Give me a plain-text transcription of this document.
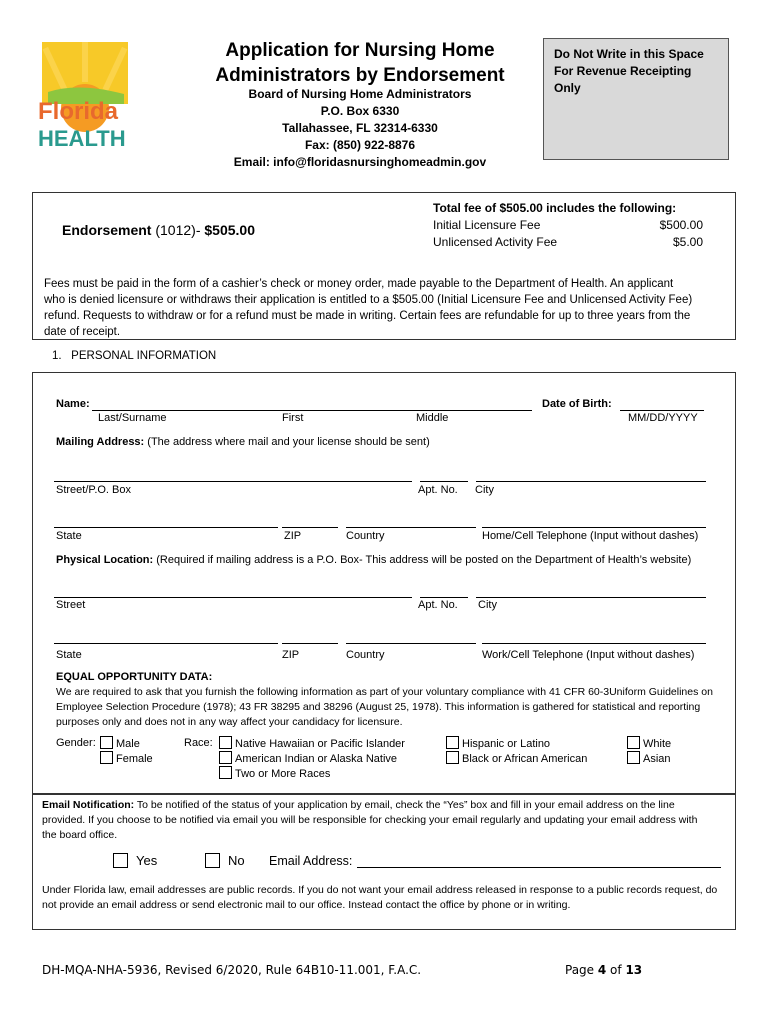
Florida
HEALTH
Application for Nursing Home
Administrators by Endorsement
Board of Nursing Home Administrators
P.O. Box 6330
Tallahassee, FL 32314-6330
Fax: (850) 922-8876
Email: info@floridasnursinghomeadmin.gov
Do Not Write in this Space
For Revenue Receipting Only
Total fee of $505.00 includes the following:
Initial Licensure Fee	$500.00
Unlicensed Activity Fee	$5.00
Endorsement (1012)- $505.00
Fees must be paid in the form of a cashier’s check or money order, made payable to the Department of Health. An applicant who is denied licensure or withdraws their application is entitled to a $505.00 (Initial Licensure Fee and Unlicensed Activity Fee) refund. Requests to withdraw or for a refund must be made in writing. Certain fees are refundable for up to three years from the date of receipt.
1.   PERSONAL INFORMATION
Name:	Date of Birth:
Last/Surname	First	Middle	MM/DD/YYYY
Mailing Address: (The address where mail and your license should be sent)
Street/P.O. Box	Apt. No. City
State	ZIP	Country	Home/Cell Telephone (Input without dashes)
Physical Location: (Required if mailing address is a P.O. Box- This address will be posted on the Department of Health’s website)
Street	Apt. No. City
State	ZIP	Country	Work/Cell Telephone (Input without dashes)
EQUAL OPPORTUNITY DATA:
We are required to ask that you furnish the following information as part of your voluntary compliance with 41 CFR 60-3Uniform Guidelines on Employee Selection Procedure (1978); 43 FR 38295 and 38296 (August 25, 1978). This information is gathered for statistical and reporting purposes only and does not in any way affect your candidacy for licensure.
Gender:	Male
Female
Race:	Native Hawaiian or Pacific Islander
American Indian or Alaska Native
Two or More Races
Hispanic or Latino
Black or African American
White
Asian
Email Notification: To be notified of the status of your application by email, check the “Yes” box and fill in your email address on the line provided. If you choose to be notified via email you will be responsible for checking your email regularly and updating your email address with the board office.
Yes	No Email Address:
Under Florida law, email addresses are public records. If you do not want your email address released in response to a public records request, do not provide an email address or send electronic mail to our office. Instead contact the office by phone or in writing.
DH-MQA-NHA-5936, Revised 6/2020, Rule 64B10-11.001, F.A.C.	Page 4 of 13
